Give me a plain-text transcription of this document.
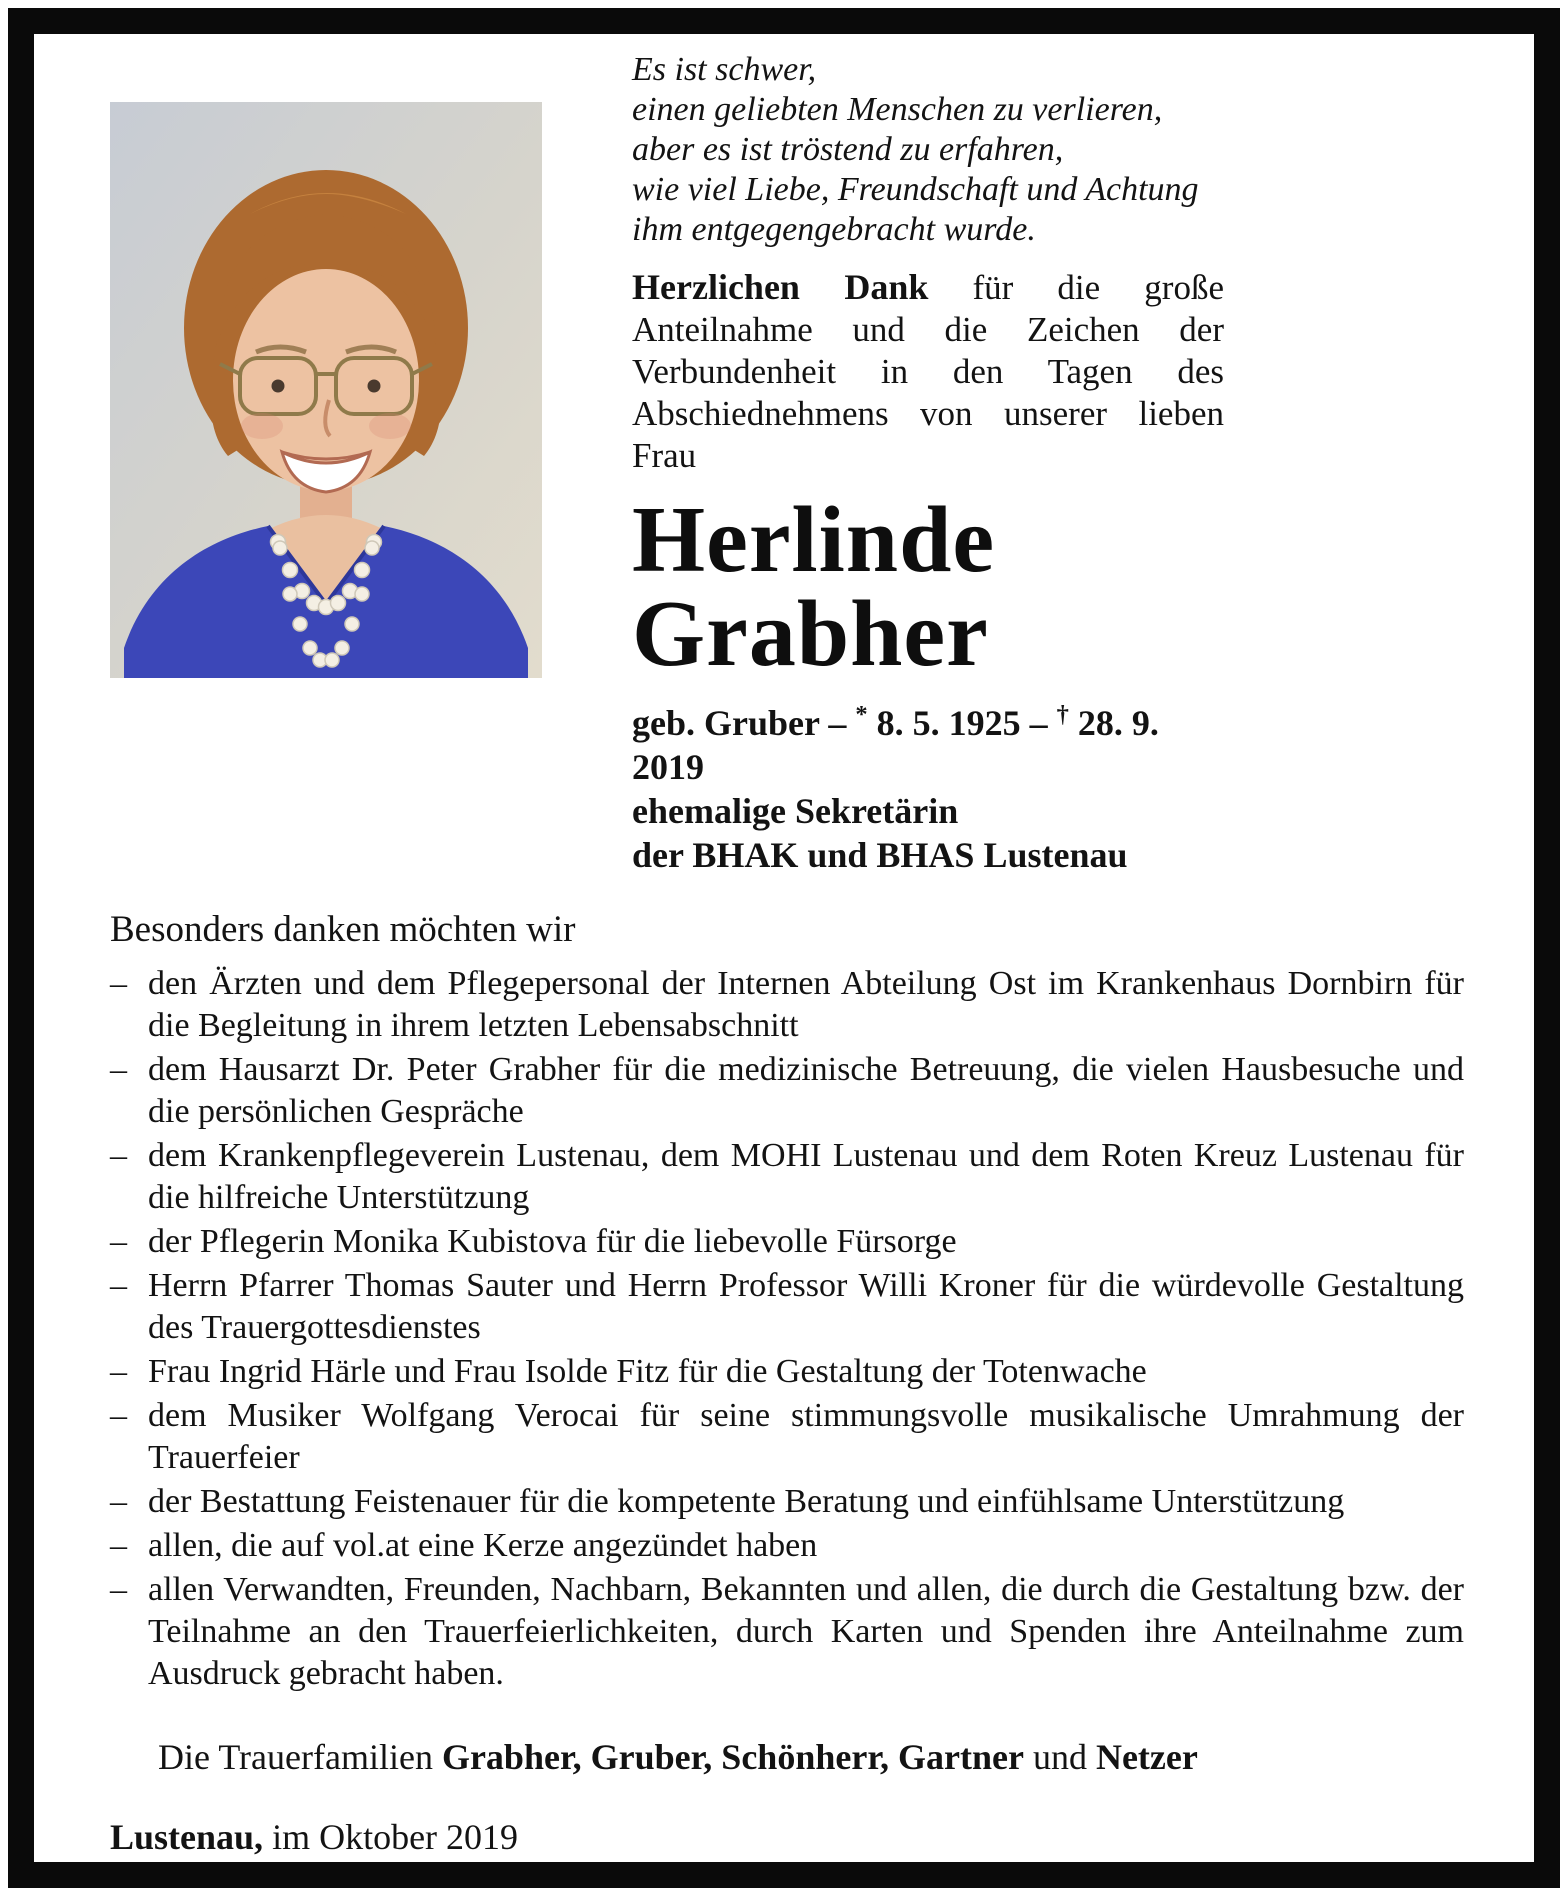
Es ist schwer,
einen geliebten Menschen zu verlieren,
aber es ist tröstend zu erfahren,
wie viel Liebe, Freundschaft und Achtung
ihm entgegengebracht wurde.

Herzlichen Dank für die große Anteilnahme und die Zeichen der Verbundenheit in den Tagen des Abschiednehmens von unserer lieben Frau

Herlinde
Grabher
geb. Gruber – * 8. 5. 1925 – † 28. 9. 2019
ehemalige Sekretärin
der BHAK und BHAS Lustenau
Besonders danken möchten wir
– den Ärzten und dem Pflegepersonal der Internen Abteilung Ost im Krankenhaus Dornbirn für die Begleitung in ihrem letzten Lebensabschnitt
– dem Hausarzt Dr. Peter Grabher für die medizinische Betreuung, die vielen Hausbesuche und die persönlichen Gespräche
– dem Krankenpflegeverein Lustenau, dem MOHI Lustenau und dem Roten Kreuz Lustenau für die hilfreiche Unterstützung
– der Pflegerin Monika Kubistova für die liebevolle Fürsorge
– Herrn Pfarrer Thomas Sauter und Herrn Professor Willi Kroner für die würdevolle Gestaltung des Trauergottesdienstes
– Frau Ingrid Härle und Frau Isolde Fitz für die Gestaltung der Totenwache
– dem Musiker Wolfgang Verocai für seine stimmungsvolle musikalische Umrahmung der Trauerfeier
– der Bestattung Feistenauer für die kompetente Beratung und einfühlsame Unterstützung
– allen, die auf vol.at eine Kerze angezündet haben
– allen Verwandten, Freunden, Nachbarn, Bekannten und allen, die durch die Gestaltung bzw. der Teilnahme an den Trauerfeierlichkeiten, durch Karten und Spenden ihre Anteilnahme zum Ausdruck gebracht haben.

Die Trauerfamilien Grabher, Gruber, Schönherr, Gartner und Netzer

Lustenau, im Oktober 2019
